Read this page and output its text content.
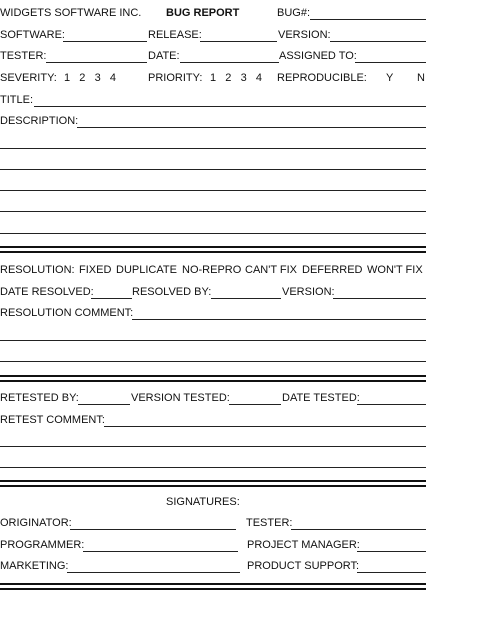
WIDGETS SOFTWARE INC. BUG REPORT	BUG#:
SOFTWARE:	RELEASE:	VERSION:
TESTER:	DATE:	ASSIGNED TO:
SEVERITY: 1   2   3   4	PRIORITY: 1   2   3   4 REPRODUCIBLE: Y N
TITLE:
DESCRIPTION:
RESOLUTION: FIXED DUPLICATE NO-REPRO CAN'T FIX DEFERRED WON'T FIX
DATE RESOLVED:	RESOLVED BY:	VERSION:
RESOLUTION COMMENT:
RETESTED BY:	VERSION TESTED:	DATE TESTED:
RETEST COMMENT:
SIGNATURES:
ORIGINATOR:	TESTER:
PROGRAMMER:	PROJECT MANAGER:
MARKETING:	PRODUCT SUPPORT:
